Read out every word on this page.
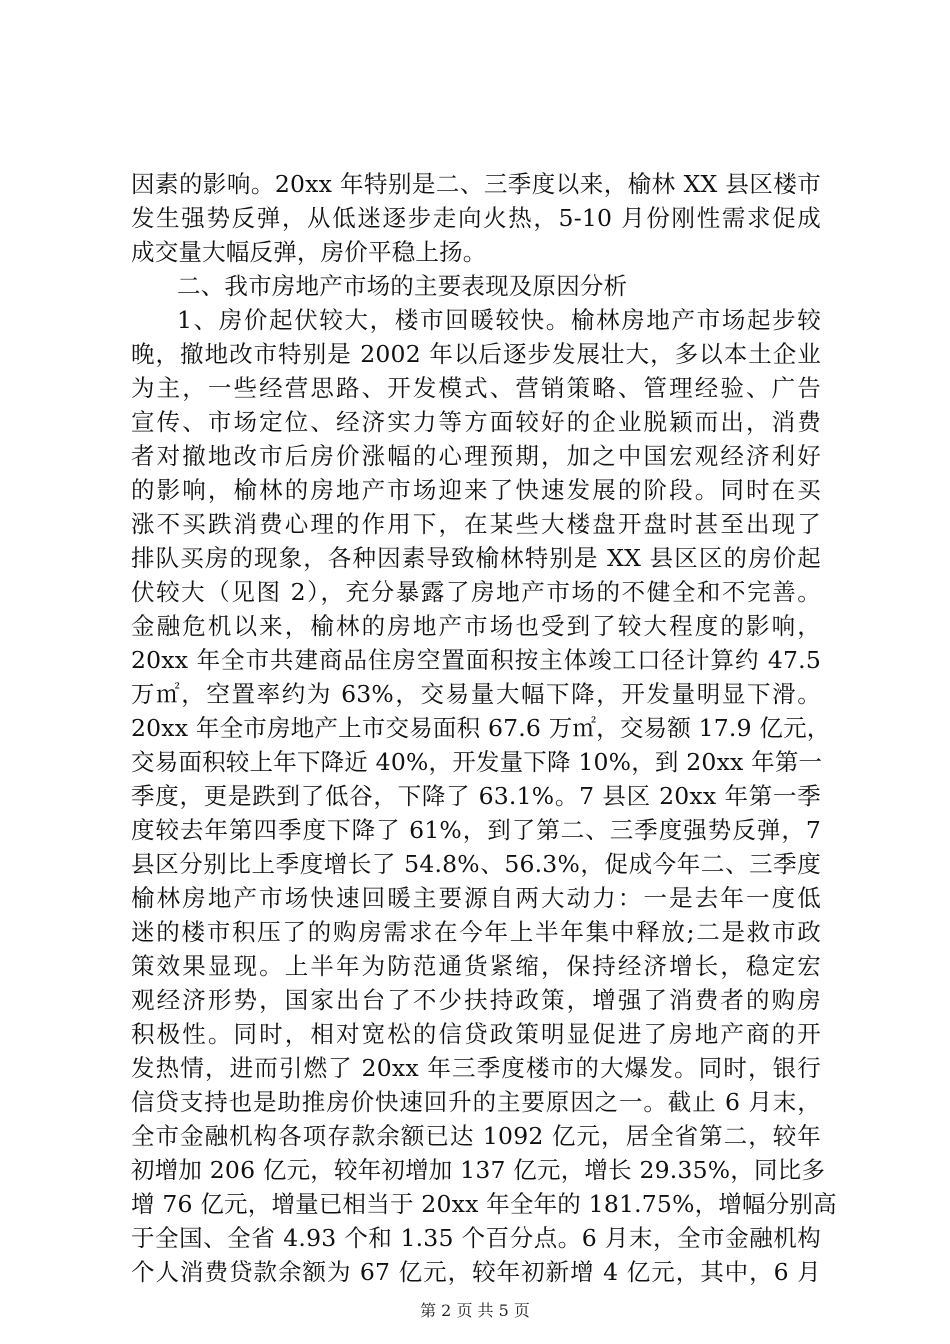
因素的影响。20xx 年特别是二、三季度以来，榆林 XX 县区楼市
发生强势反弹，从低迷逐步走向火热，5-10 月份刚性需求促成
成交量大幅反弹，房价平稳上扬。
二、我市房地产市场的主要表现及原因分析
1、房价起伏较大，楼市回暖较快。榆林房地产市场起步较
晚，撤地改市特别是 2002 年以后逐步发展壮大，多以本土企业
为主，一些经营思路、开发模式、营销策略、管理经验、广告
宣传、市场定位、经济实力等方面较好的企业脱颖而出，消费
者对撤地改市后房价涨幅的心理预期，加之中国宏观经济利好
的影响，榆林的房地产市场迎来了快速发展的阶段。同时在买
涨不买跌消费心理的作用下，在某些大楼盘开盘时甚至出现了
排队买房的现象，各种因素导致榆林特别是 XX 县区区的房价起
伏较大（见图 2），充分暴露了房地产市场的不健全和不完善。
金融危机以来，榆林的房地产市场也受到了较大程度的影响，
20xx 年全市共建商品住房空置面积按主体竣工口径计算约 47.5
万㎡，空置率约为 63%，交易量大幅下降，开发量明显下滑。
20xx 年全市房地产上市交易面积 67.6 万㎡，交易额 17.9 亿元，
交易面积较上年下降近 40%，开发量下降 10%，到 20xx 年第一
季度，更是跌到了低谷，下降了 63.1%。7 县区 20xx 年第一季
度较去年第四季度下降了 61%，到了第二、三季度强势反弹，7
县区分别比上季度增长了 54.8%、56.3%，促成今年二、三季度
榆林房地产市场快速回暖主要源自两大动力：一是去年一度低
迷的楼市积压了的购房需求在今年上半年集中释放;二是救市政
策效果显现。上半年为防范通货紧缩，保持经济增长，稳定宏
观经济形势，国家出台了不少扶持政策，增强了消费者的购房
积极性。同时，相对宽松的信贷政策明显促进了房地产商的开
发热情，进而引燃了 20xx 年三季度楼市的大爆发。同时，银行
信贷支持也是助推房价快速回升的主要原因之一。截止 6 月末，
全市金融机构各项存款余额已达 1092 亿元，居全省第二，较年
初增加 206 亿元，较年初增加 137 亿元，增长 29.35%，同比多
增 76 亿元，增量已相当于 20xx 年全年的 181.75%，增幅分别高
于全国、全省 4.93 个和 1.35 个百分点。6 月末，全市金融机构
个人消费贷款余额为 67 亿元，较年初新增 4 亿元，其中，6 月
第 2 页 共 5 页
